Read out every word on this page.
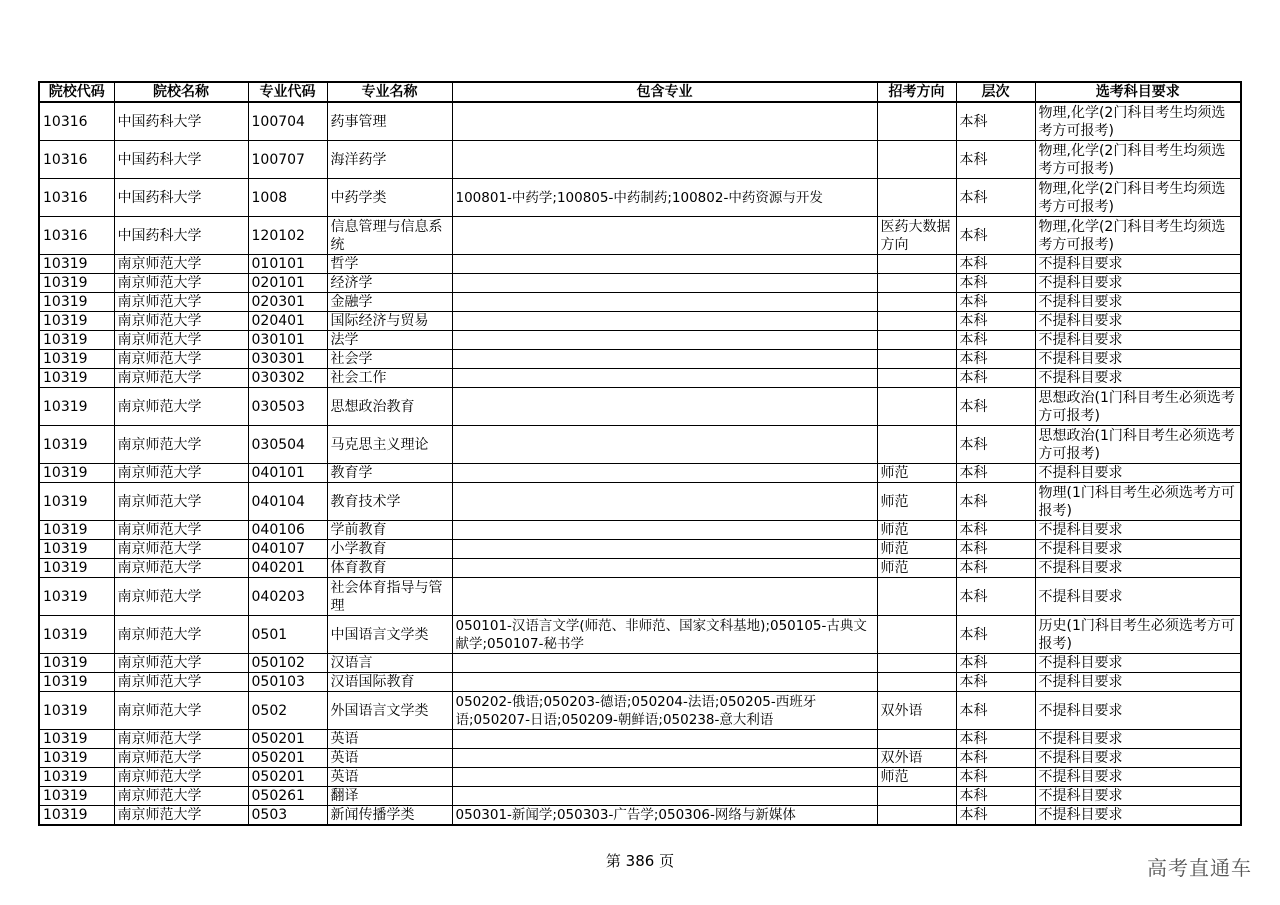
院校代码	院校名称	专业代码	专业名称	包含专业	招考方向	层次	选考科目要求
10316	中国药科大学	100704	药事管理			本科	物理,化学(2门科目考生均须选考方可报考)
10316	中国药科大学	100707	海洋药学			本科	物理,化学(2门科目考生均须选考方可报考)
10316	中国药科大学	1008	中药学类	100801-中药学;100805-中药制药;100802-中药资源与开发		本科	物理,化学(2门科目考生均须选考方可报考)
10316	中国药科大学	120102	信息管理与信息系统		医药大数据方向	本科	物理,化学(2门科目考生均须选考方可报考)
10319	南京师范大学	010101	哲学			本科	不提科目要求
10319	南京师范大学	020101	经济学			本科	不提科目要求
10319	南京师范大学	020301	金融学			本科	不提科目要求
10319	南京师范大学	020401	国际经济与贸易			本科	不提科目要求
10319	南京师范大学	030101	法学			本科	不提科目要求
10319	南京师范大学	030301	社会学			本科	不提科目要求
10319	南京师范大学	030302	社会工作			本科	不提科目要求
10319	南京师范大学	030503	思想政治教育			本科	思想政治(1门科目考生必须选考方可报考)
10319	南京师范大学	030504	马克思主义理论			本科	思想政治(1门科目考生必须选考方可报考)
10319	南京师范大学	040101	教育学		师范	本科	不提科目要求
10319	南京师范大学	040104	教育技术学		师范	本科	物理(1门科目考生必须选考方可报考)
10319	南京师范大学	040106	学前教育		师范	本科	不提科目要求
10319	南京师范大学	040107	小学教育		师范	本科	不提科目要求
10319	南京师范大学	040201	体育教育		师范	本科	不提科目要求
10319	南京师范大学	040203	社会体育指导与管理			本科	不提科目要求
10319	南京师范大学	0501	中国语言文学类	050101-汉语言文学(师范、非师范、国家文科基地);050105-古典文献学;050107-秘书学		本科	历史(1门科目考生必须选考方可报考)
10319	南京师范大学	050102	汉语言			本科	不提科目要求
10319	南京师范大学	050103	汉语国际教育			本科	不提科目要求
10319	南京师范大学	0502	外国语言文学类	050202-俄语;050203-德语;050204-法语;050205-西班牙语;050207-日语;050209-朝鲜语;050238-意大利语	双外语	本科	不提科目要求
10319	南京师范大学	050201	英语			本科	不提科目要求
10319	南京师范大学	050201	英语		双外语	本科	不提科目要求
10319	南京师范大学	050201	英语		师范	本科	不提科目要求
10319	南京师范大学	050261	翻译			本科	不提科目要求
10319	南京师范大学	0503	新闻传播学类	050301-新闻学;050303-广告学;050306-网络与新媒体		本科	不提科目要求
第 386 页	高考直通车
